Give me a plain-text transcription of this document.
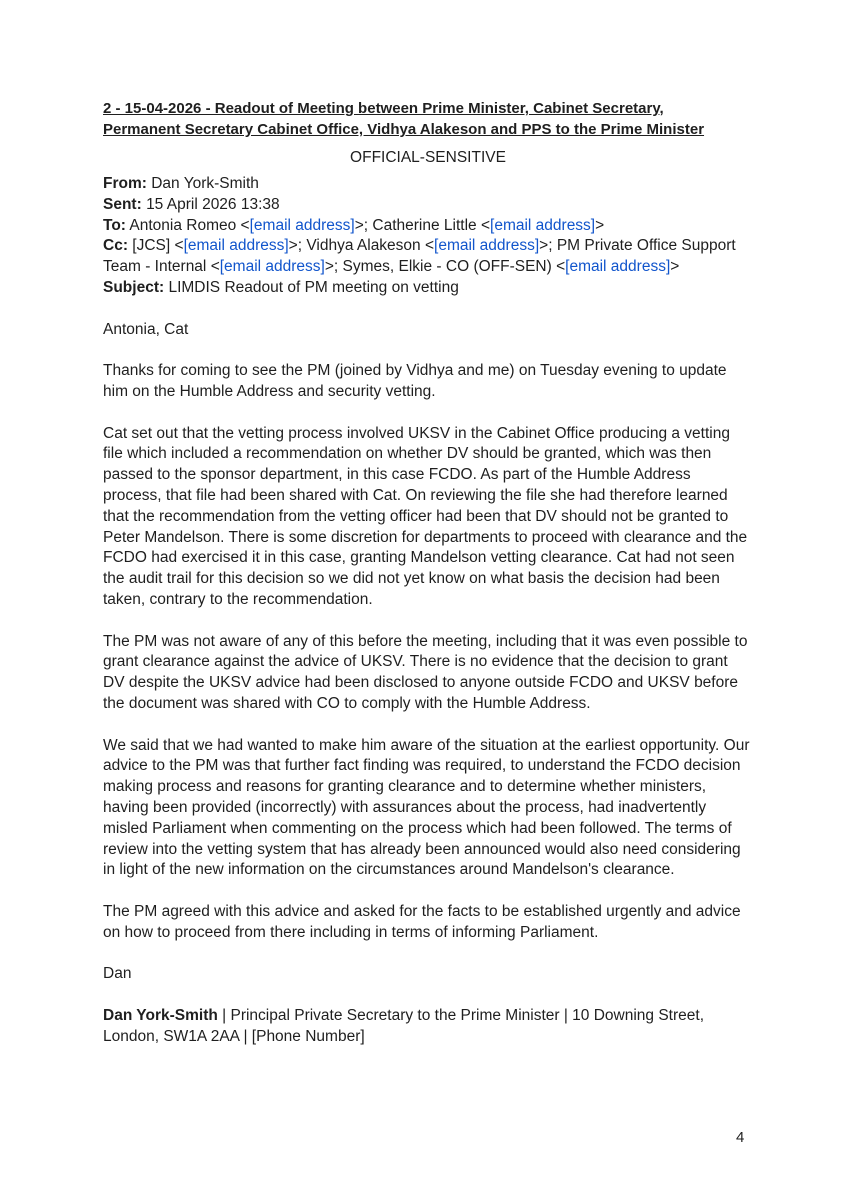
2 - 15-04-2026 - Readout of Meeting between Prime Minister, Cabinet Secretary,
Permanent Secretary Cabinet Office, Vidhya Alakeson and PPS to the Prime Minister
OFFICIAL-SENSITIVE
From: Dan York-Smith
Sent: 15 April 2026 13:38
To: Antonia Romeo <[email address]>; Catherine Little <[email address]>
Cc: [JCS] <[email address]>; Vidhya Alakeson <[email address]>; PM Private Office Support Team - Internal <[email address]>; Symes, Elkie - CO (OFF-SEN) <[email address]>
Subject: LIMDIS Readout of PM meeting on vetting

Antonia, Cat

Thanks for coming to see the PM (joined by Vidhya and me) on Tuesday evening to update him on the Humble Address and security vetting.

Cat set out that the vetting process involved UKSV in the Cabinet Office producing a vetting file which included a recommendation on whether DV should be granted, which was then passed to the sponsor department, in this case FCDO. As part of the Humble Address process, that file had been shared with Cat. On reviewing the file she had therefore learned that the recommendation from the vetting officer had been that DV should not be granted to Peter Mandelson. There is some discretion for departments to proceed with clearance and the FCDO had exercised it in this case, granting Mandelson vetting clearance. Cat had not seen the audit trail for this decision so we did not yet know on what basis the decision had been taken, contrary to the recommendation.

The PM was not aware of any of this before the meeting, including that it was even possible to grant clearance against the advice of UKSV. There is no evidence that the decision to grant DV despite the UKSV advice had been disclosed to anyone outside FCDO and UKSV before the document was shared with CO to comply with the Humble Address.

We said that we had wanted to make him aware of the situation at the earliest opportunity. Our advice to the PM was that further fact finding was required, to understand the FCDO decision making process and reasons for granting clearance and to determine whether ministers, having been provided (incorrectly) with assurances about the process, had inadvertently misled Parliament when commenting on the process which had been followed. The terms of review into the vetting system that has already been announced would also need considering in light of the new information on the circumstances around Mandelson's clearance.

The PM agreed with this advice and asked for the facts to be established urgently and advice on how to proceed from there including in terms of informing Parliament.

Dan

Dan York-Smith | Principal Private Secretary to the Prime Minister | 10 Downing Street, London, SW1A 2AA | [Phone Number]

4
